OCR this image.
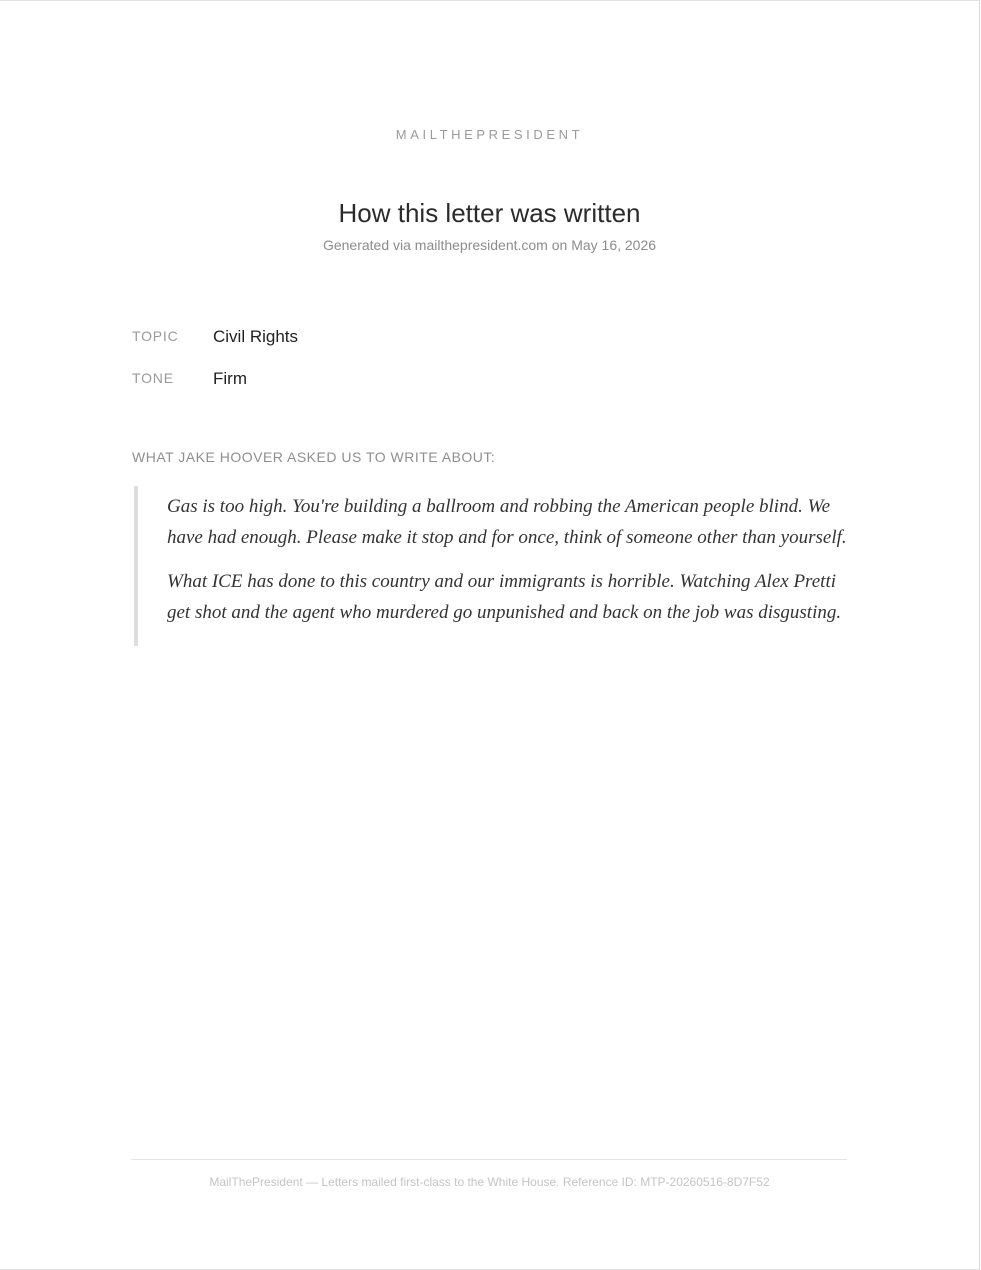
MAILTHEPRESIDENT
How this letter was written
Generated via mailthepresident.com on May 16, 2026
TOPIC Civil Rights
TONE Firm
WHAT JAKE HOOVER ASKED US TO WRITE ABOUT:

Gas is too high. You're building a ballroom and robbing the American people blind. We have had enough. Please make it stop and for once, think of someone other than yourself.

What ICE has done to this country and our immigrants is horrible. Watching Alex Pretti get shot and the agent who murdered go unpunished and back on the job was disgusting.

MailThePresident — Letters mailed first-class to the White House. Reference ID: MTP-20260516-8D7F52
